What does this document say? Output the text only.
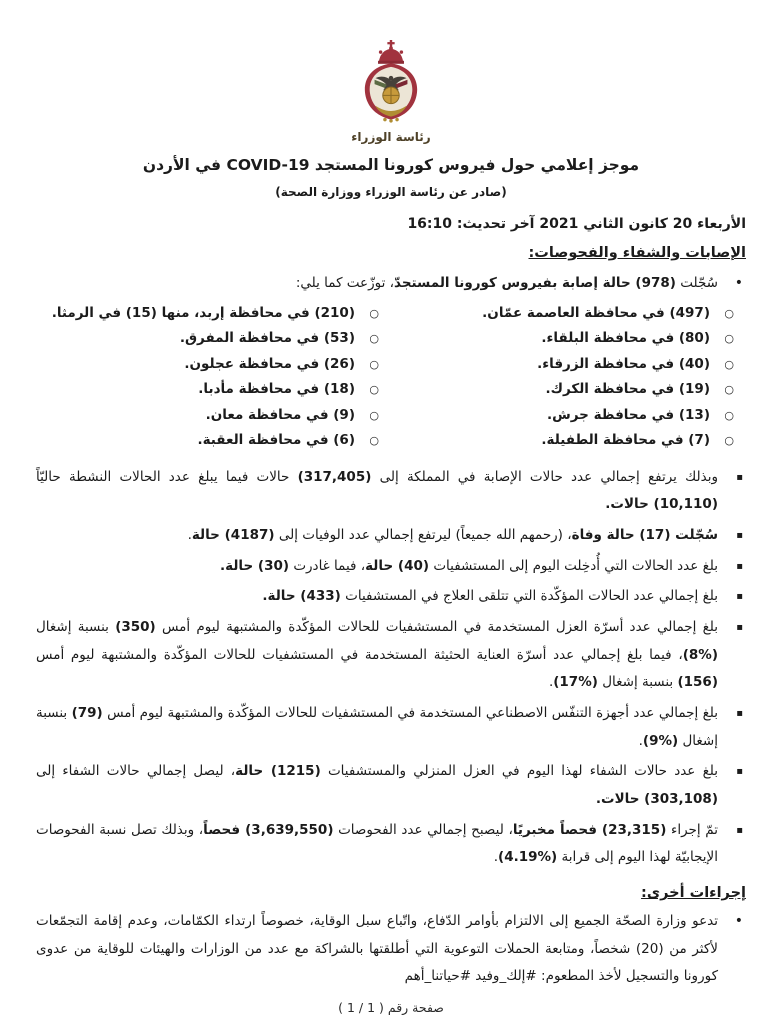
رئاسة الوزراء
موجز إعلامي حول فيروس كورونا المستجد COVID-19 في الأردن
(صادر عن رئاسة الوزراء ووزارة الصحة)
الأربعاء 20 كانون الثاني 2021 آخر تحديث: 16:10
الإصابات والشفاء والفحوصات:
•
سُجّلت (978) حالة إصابة بفيروس كورونا المستجدّ، توزّعت كما يلي:
○
(497) في محافظة العاصمة عمّان.
○
(80) في محافظة البلقاء.
○
(40) في محافظة الزرقاء.
○
(19) في محافظة الكرك.
○
(13) في محافظة جرش.
○
(7) في محافظة الطفيلة.
○
(210) في محافظة إربد، منها (15) في الرمثا.
○
(53) في محافظة المفرق.
○
(26) في محافظة عجلون.
○
(18) في محافظة مأدبا.
○
(9) في محافظة معان.
○
(6) في محافظة العقبة.
▪
وبذلك يرتفع إجمالي عدد حالات الإصابة في المملكة إلى (317,405) حالات فيما يبلغ عدد الحالات النشطة حاليّاً (10,110) حالات.
▪
سُجّلت (17) حالة وفاة، (رحمهم الله جميعاً) ليرتفع إجمالي عدد الوفيات إلى (4187) حالة.
▪
بلغ عدد الحالات التي أُدخِلت اليوم إلى المستشفيات (40) حالة، فيما غادرت (30) حالة.
▪
بلغ إجمالي عدد الحالات المؤكّدة التي تتلقى العلاج في المستشفيات (433) حالة.
▪
بلغ إجمالي عدد أسرّة العزل المستخدمة في المستشفيات للحالات المؤكّدة والمشتبهة ليوم أمس (350) بنسبة إشغال (%8)، فيما بلغ إجمالي عدد أسرّة العناية الحثيثة المستخدمة في المستشفيات للحالات المؤكّدة والمشتبهة ليوم أمس (156) بنسبة إشغال (%17).
▪
بلغ إجمالي عدد أجهزة التنفّس الاصطناعي المستخدمة في المستشفيات للحالات المؤكّدة والمشتبهة ليوم أمس (79) بنسبة إشغال (%9).
▪
بلغ عدد حالات الشفاء لهذا اليوم في العزل المنزلي والمستشفيات (1215) حالة، ليصل إجمالي حالات الشفاء إلى (303,108) حالات.
▪
تمّ إجراء (23,315) فحصاً مخبريًا، ليصبح إجمالي عدد الفحوصات (3,639,550) فحصاً، وبذلك تصل نسبة الفحوصات الإيجابيّة لهذا اليوم إلى قرابة (%4.19).
إجراءات أخرى:
•
تدعو وزارة الصحّة الجميع إلى الالتزام بأوامر الدّفاع، واتّباع سبل الوقاية، خصوصاً ارتداء الكمّامات، وعدم إقامة التجمّعات لأكثر من (20) شخصاً، ومتابعة الحملات التوعوية التي أطلقتها بالشراكة مع عدد من الوزارات والهيئات للوقاية من عدوى كورونا والتسجيل لأخذ المطعوم: #إلك_وفيد #حياتنا_أهم
صفحة رقم ( 1 / 1 )
